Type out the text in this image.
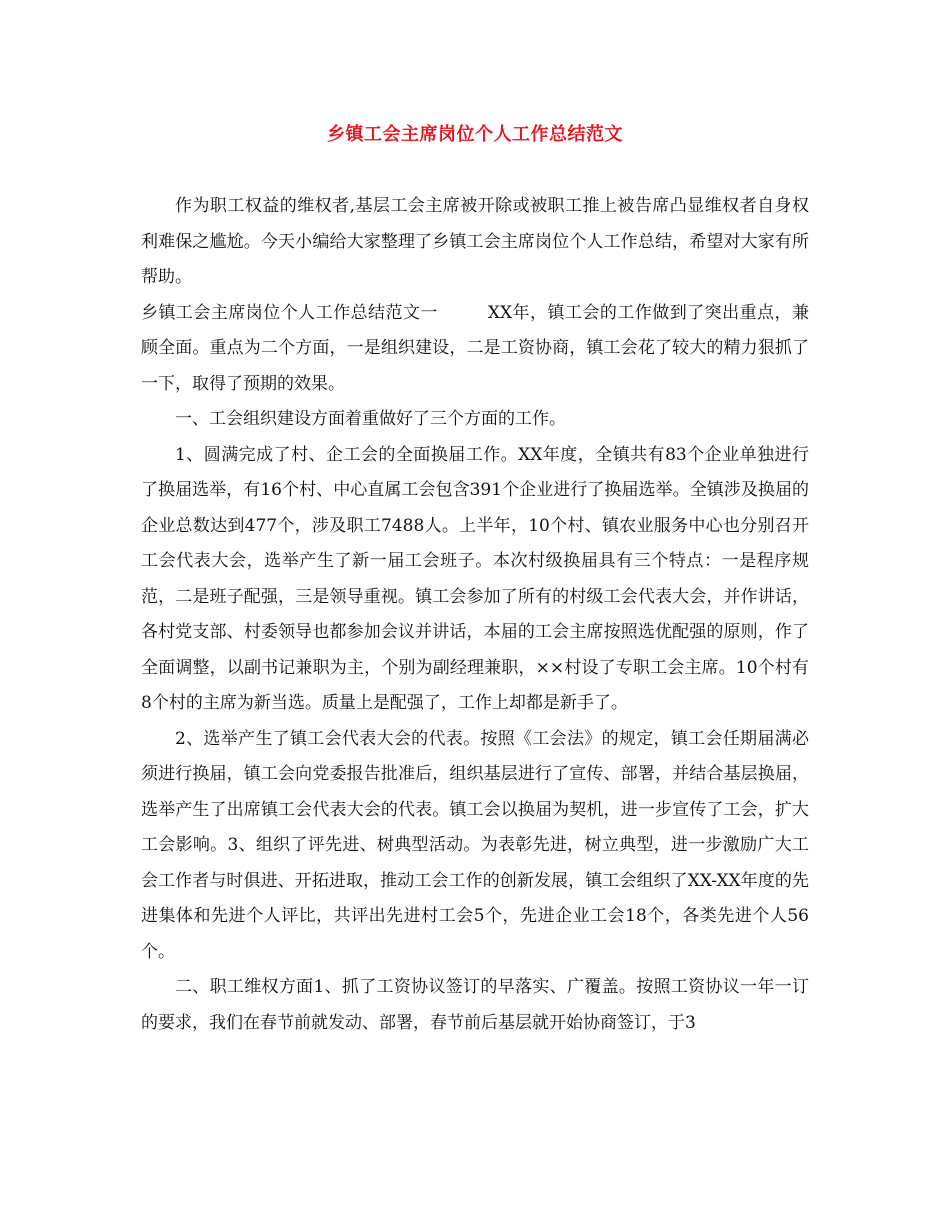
乡镇工会主席岗位个人工作总结范文

作为职工权益的维权者,基层工会主席被开除或被职工推上被告席凸显维权者自身权利难保之尴尬。今天小编给大家整理了乡镇工会主席岗位个人工作总结，希望对大家有所帮助。

乡镇工会主席岗位个人工作总结范文一	XX年，镇工会的工作做到了突出重点，兼顾全面。重点为二个方面，一是组织建设，二是工资协商，镇工会花了较大的精力狠抓了一下，取得了预期的效果。

一、工会组织建设方面着重做好了三个方面的工作。

1、圆满完成了村、企工会的全面换届工作。XX年度，全镇共有83个企业单独进行了换届选举，有16个村、中心直属工会包含391个企业进行了换届选举。全镇涉及换届的企业总数达到477个，涉及职工7488人。上半年，10个村、镇农业服务中心也分别召开工会代表大会，选举产生了新一届工会班子。本次村级换届具有三个特点：一是程序规范，二是班子配强，三是领导重视。镇工会参加了所有的村级工会代表大会，并作讲话，各村党支部、村委领导也都参加会议并讲话，本届的工会主席按照选优配强的原则，作了全面调整，以副书记兼职为主，个别为副经理兼职，××村设了专职工会主席。10个村有8个村的主席为新当选。质量上是配强了，工作上却都是新手了。

2、选举产生了镇工会代表大会的代表。按照《工会法》的规定，镇工会任期届满必须进行换届，镇工会向党委报告批准后，组织基层进行了宣传、部署，并结合基层换届，选举产生了出席镇工会代表大会的代表。镇工会以换届为契机，进一步宣传了工会，扩大工会影响。3、组织了评先进、树典型活动。为表彰先进，树立典型，进一步激励广大工会工作者与时俱进、开拓进取，推动工会工作的创新发展，镇工会组织了XX-XX年度的先进集体和先进个人评比，共评出先进村工会5个，先进企业工会18个，各类先进个人56个。

二、职工维权方面1、抓了工资协议签订的早落实、广覆盖。按照工资协议一年一订的要求，我们在春节前就发动、部署，春节前后基层就开始协商签订，于3
